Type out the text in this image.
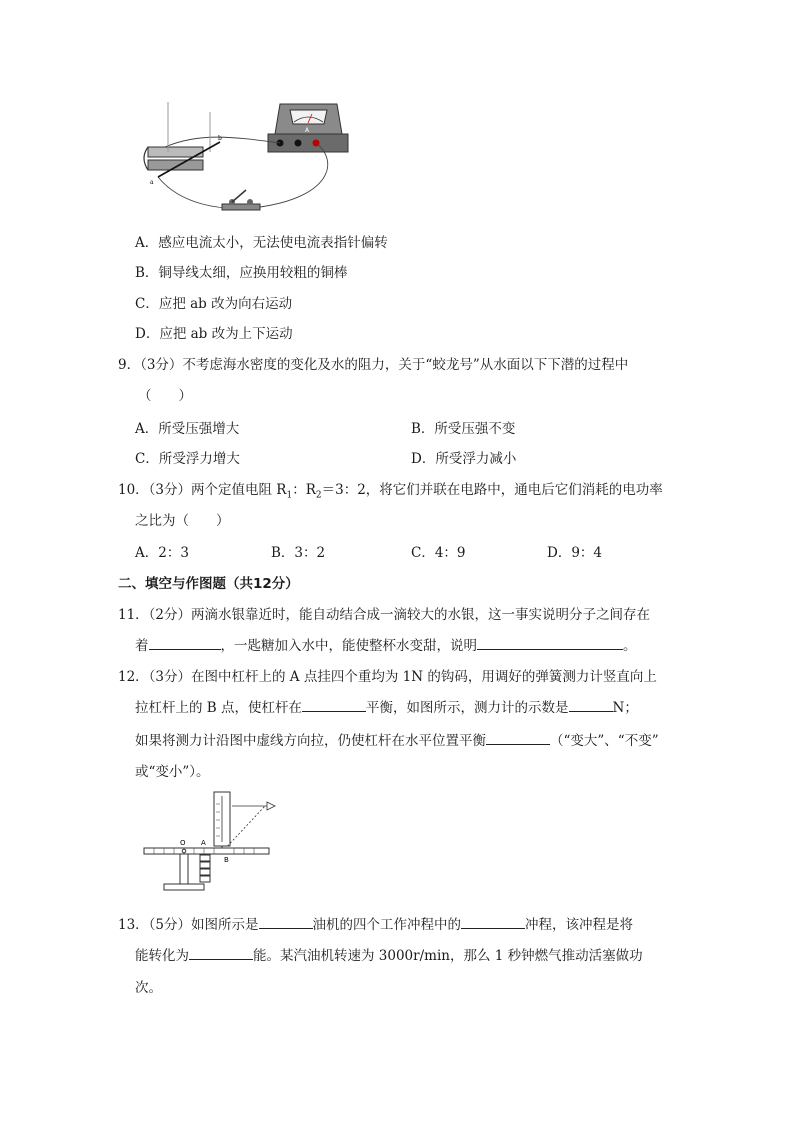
A
b
a
A．感应电流太小，无法使电流表指针偏转
B．铜导线太细，应换用较粗的铜棒
C．应把 ab 改为向右运动
D．应把 ab 改为上下运动
9．（3分）不考虑海水密度的变化及水的阻力，关于“蛟龙号”从水面以下下潜的过程中
（　　）
A．所受压强增大	B．所受压强不变
C．所受浮力增大	D．所受浮力减小
10．（3分）两个定值电阻 $R_1$：$R_2=3$：2，将它们并联在电路中，通电后它们消耗的电功率
之比为（　　）
A．2：3	B．3：2	C．4：9	D．9：4
二、填空与作图题（共12分）
11．（2分）两滴水银靠近时，能自动结合成一滴较大的水银，这一事实说明分子之间存在
着	，一匙糖加入水中，能使整杯水变甜，说明	。
12．（3分）在图中杠杆上的 A 点挂四个重均为 1N 的钩码，用调好的弹簧测力计竖直向上
拉杠杆上的 B 点，使杠杆在	平衡，如图所示，测力计的示数是	N；
如果将测力计沿图中虚线方向拉，仍使杠杆在水平位置平衡	（“变大”、“不变”
或“变小”）。
O A
B
13．（5分）如图所示是	油机的四个工作冲程中的	冲程，该冲程是将
能转化为	能。某汽油机转速为 3000r/min，那么 1 秒钟燃气推动活塞做功
次。
